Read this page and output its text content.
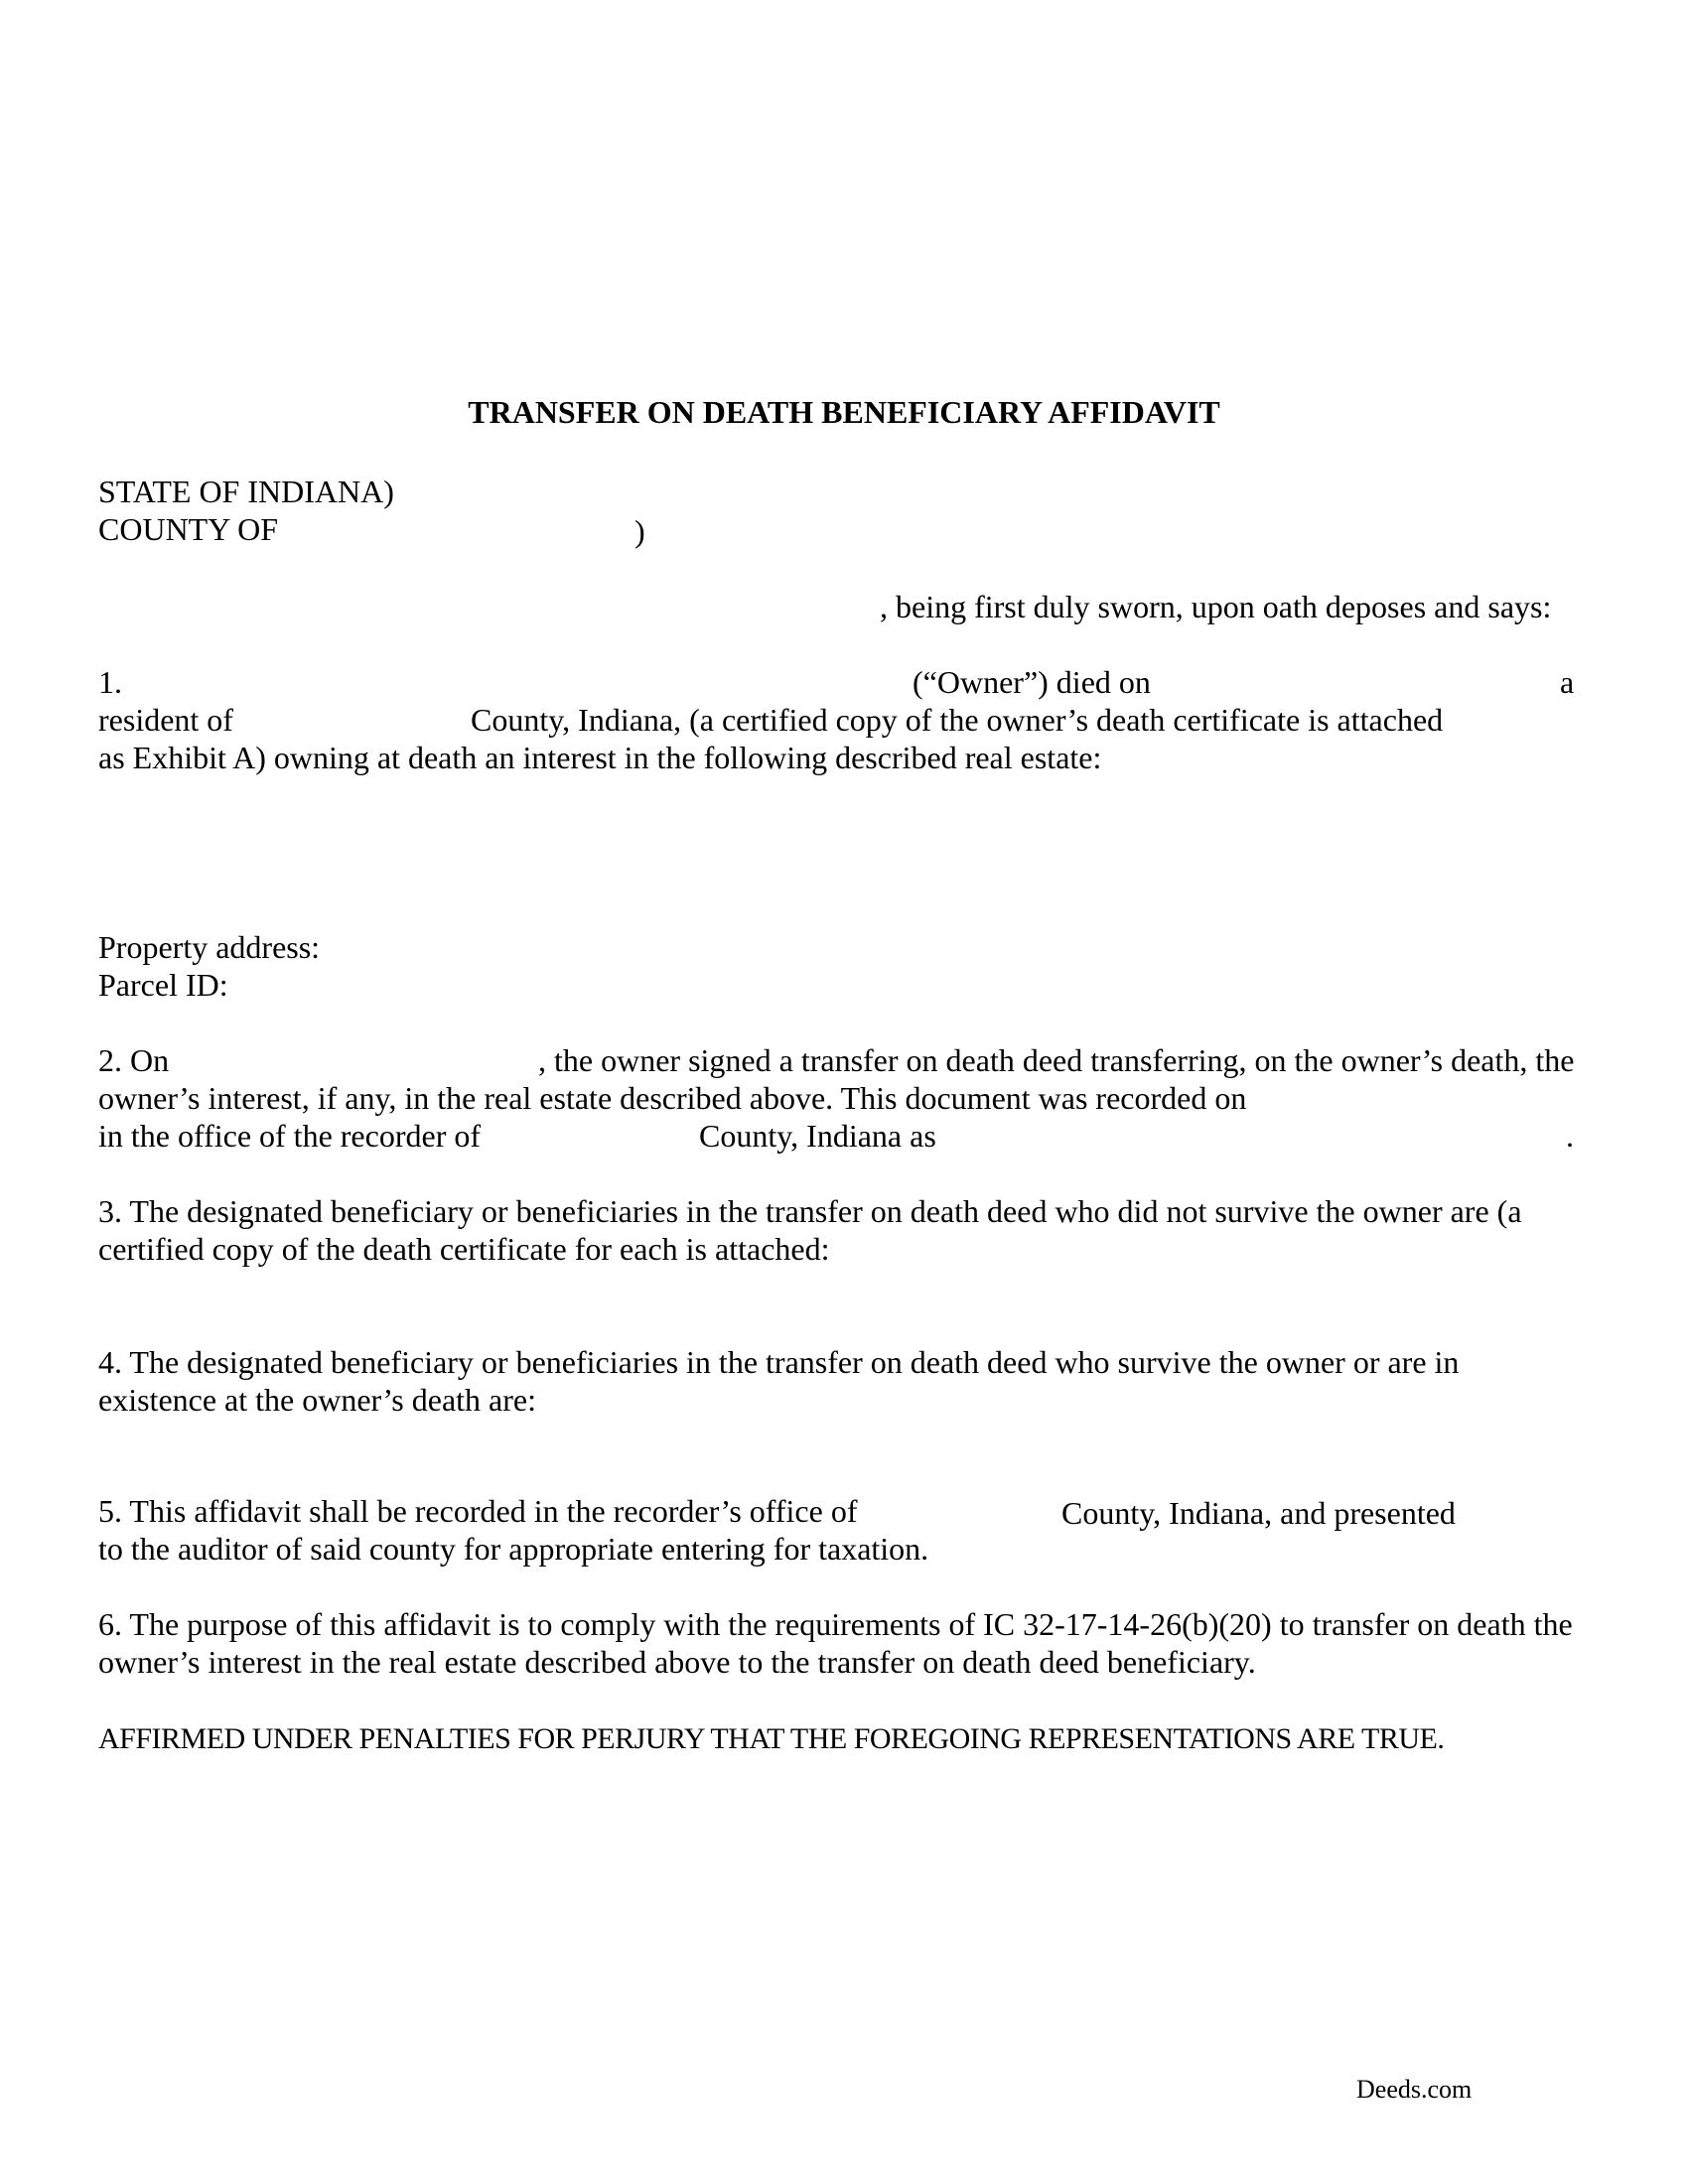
TRANSFER ON DEATH BENEFICIARY AFFIDAVIT
STATE OF INDIANA)
COUNTY OF	)
, being first duly sworn, upon oath deposes and says:
1.	(“Owner”) died on	a
resident of	County, Indiana, (a certified copy of the owner’s death certificate is attached
as Exhibit A) owning at death an interest in the following described real estate:
Property address:
Parcel ID:
2. On	, the owner signed a transfer on death deed transferring, on the owner’s death, the
owner’s interest, if any, in the real estate described above. This document was recorded on
in the office of the recorder of	County, Indiana as	.
3. The designated beneficiary or beneficiaries in the transfer on death deed who did not survive the owner are (a
certified copy of the death certificate for each is attached:
4. The designated beneficiary or beneficiaries in the transfer on death deed who survive the owner or are in
existence at the owner’s death are:
5. This affidavit shall be recorded in the recorder’s office of	County, Indiana, and presented
to the auditor of said county for appropriate entering for taxation.
6. The purpose of this affidavit is to comply with the requirements of IC 32-17-14-26(b)(20) to transfer on death the
owner’s interest in the real estate described above to the transfer on death deed beneficiary.
AFFIRMED UNDER PENALTIES FOR PERJURY THAT THE FOREGOING REPRESENTATIONS ARE TRUE.
Deeds.com
